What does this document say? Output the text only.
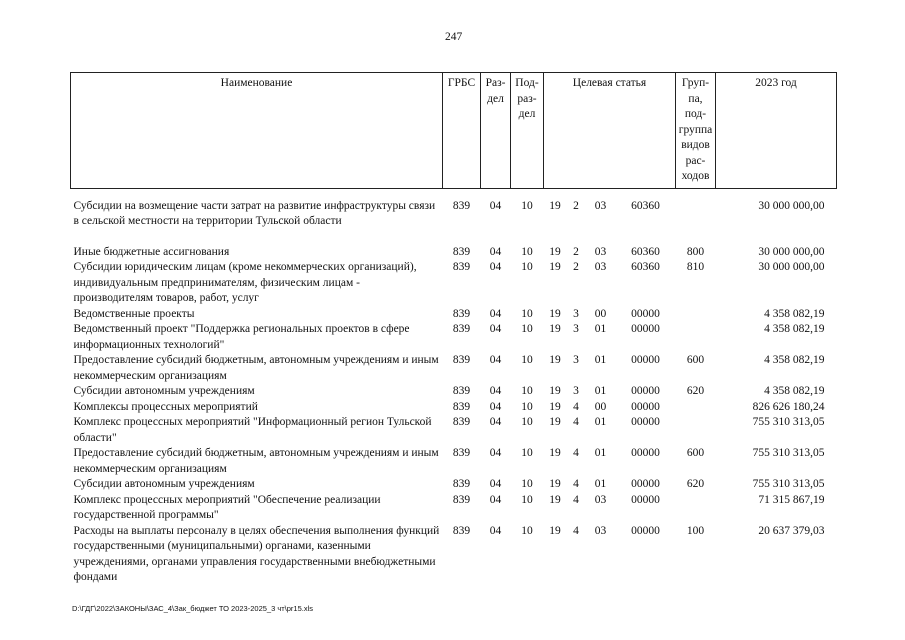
247
Наименование	ГРБС	Раз-дел	Под-раз-дел	Целевая статья				Груп-па, под-группа видов рас-ходов	2023 год
Субсидии на возмещение части затрат на развитие инфраструктуры связи в сельской местности на территории Тульской области	839	04	10	19	2	03	60360		30 000 000,00

Иные бюджетные ассигнования	839	04	10	19	2	03	60360	800	30 000 000,00
Субсидии юридическим лицам (кроме некоммерческих организаций), индивидуальным предпринимателям, физическим лицам - производителям товаров, работ, услуг	839	04	10	19	2	03	60360	810	30 000 000,00
Ведомственные проекты	839	04	10	19	3	00	00000		4 358 082,19
Ведомственный проект "Поддержка региональных проектов в сфере информационных технологий"	839	04	10	19	3	01	00000		4 358 082,19
Предоставление субсидий бюджетным, автономным учреждениям и иным некоммерческим организациям	839	04	10	19	3	01	00000	600	4 358 082,19
Субсидии автономным учреждениям	839	04	10	19	3	01	00000	620	4 358 082,19
Комплексы процессных мероприятий	839	04	10	19	4	00	00000		826 626 180,24
Комплекс процессных мероприятий "Информационный регион Тульской области"	839	04	10	19	4	01	00000		755 310 313,05
Предоставление субсидий бюджетным, автономным учреждениям и иным некоммерческим организациям	839	04	10	19	4	01	00000	600	755 310 313,05
Субсидии автономным учреждениям	839	04	10	19	4	01	00000	620	755 310 313,05
Комплекс процессных мероприятий "Обеспечение реализации государственной программы"	839	04	10	19	4	03	00000		71 315 867,19
Расходы на выплаты персоналу в целях обеспечения выполнения функций государственными (муниципальными) органами, казенными учреждениями, органами управления государственными внебюджетными фондами	839	04	10	19	4	03	00000	100	20 637 379,03
D:\ГДГ\2022\ЗАКОНЫ\ЗАС_4\Зак_бюджет ТО 2023-2025_3 чт\pr15.xls
